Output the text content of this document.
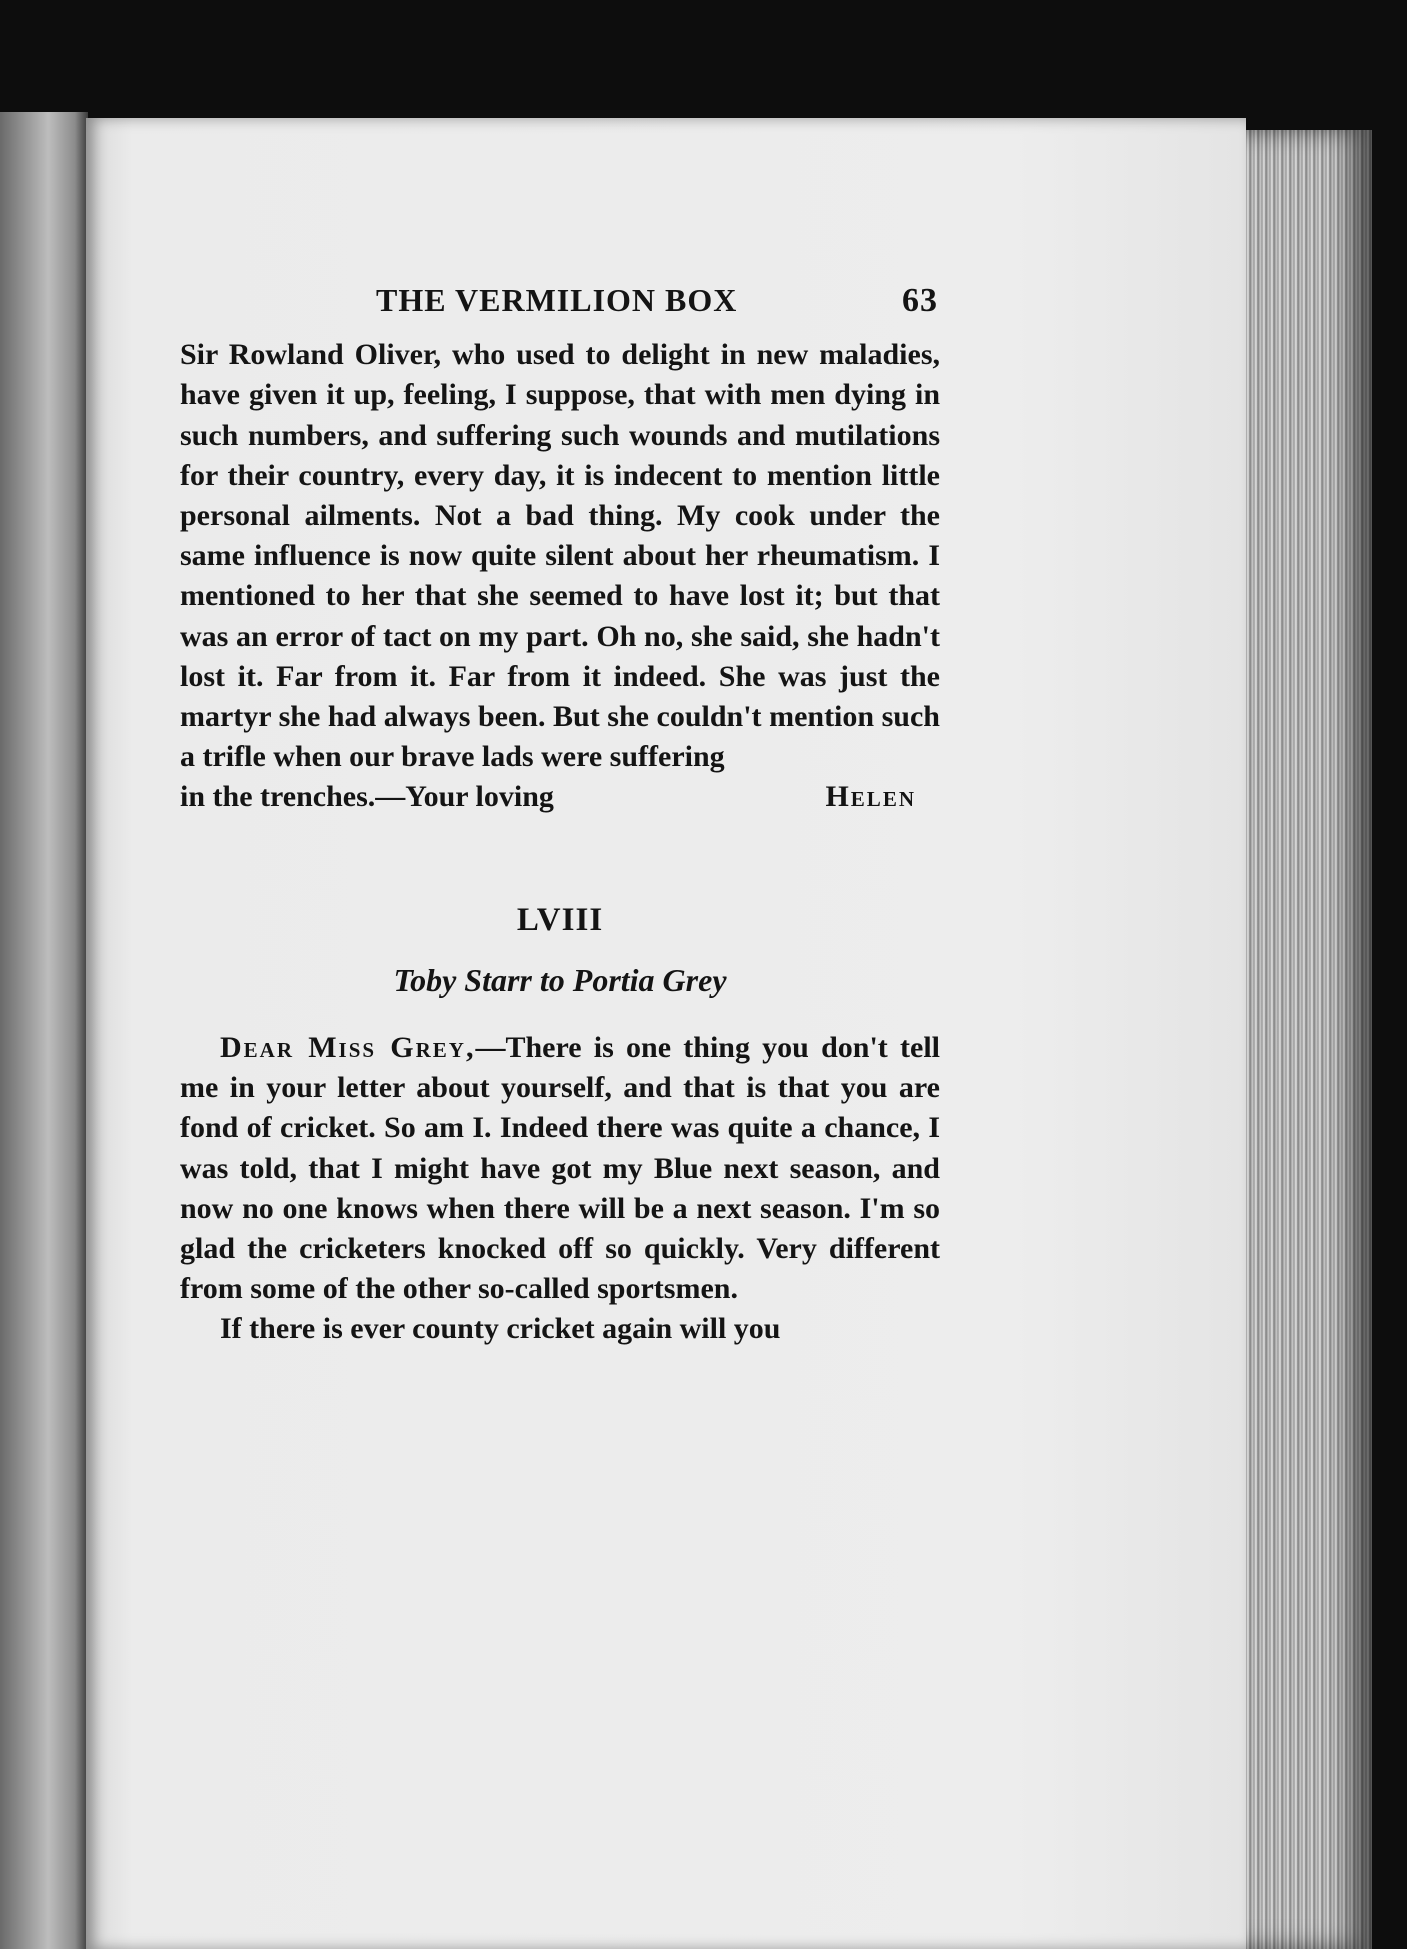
THE VERMILION BOX	63

Sir Rowland Oliver, who used to delight in new maladies, have given it up, feeling, I suppose, that with men dying in such numbers, and suffering such wounds and mutilations for their country, every day, it is indecent to mention little personal ailments. Not a bad thing. My cook under the same influence is now quite silent about her rheumatism. I mentioned to her that she seemed to have lost it; but that was an error of tact on my part. Oh no, she said, she hadn't lost it. Far from it. Far from it indeed. She was just the martyr she had always been. But she couldn't mention such a trifle when our brave lads were suffering

in the trenches.—Your loving	Helen
LVIII
Toby Starr to Portia Grey

Dear Miss Grey,—There is one thing you don't tell me in your letter about yourself, and that is that you are fond of cricket. So am I. Indeed there was quite a chance, I was told, that I might have got my Blue next season, and now no one knows when there will be a next season. I'm so glad the cricketers knocked off so quickly. Very different from some of the other so-called sportsmen.

If there is ever county cricket again will you
